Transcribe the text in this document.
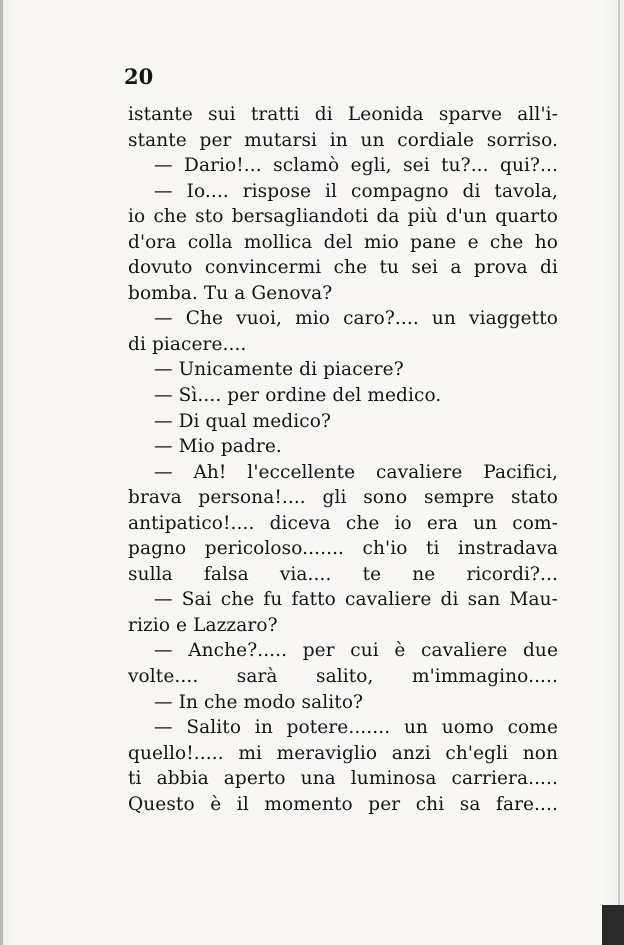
20
istante sui tratti di Leonida sparve all'i-
stante per mutarsi in un cordiale sorriso.
— Dario!... sclamò egli, sei tu?... qui?...
— Io.... rispose il compagno di tavola,
io che sto bersagliandoti da più d'un quarto
d'ora colla mollica del mio pane e che ho
dovuto convincermi che tu sei a prova di
bomba. Tu a Genova?
— Che vuoi, mio caro?.... un viaggetto
di piacere....
— Unicamente di piacere?
— Sì.... per ordine del medico.
— Di qual medico?
— Mio padre.
— Ah! l'eccellente cavaliere Pacifici,
brava persona!.... gli sono sempre stato
antipatico!.... diceva che io era un com-
pagno pericoloso....... ch'io ti instradava
sulla falsa via.... te ne ricordi?...
— Sai che fu fatto cavaliere di san Mau-
rizio e Lazzaro?
— Anche?..... per cui è cavaliere due
volte.... sarà salito, m'immagino.....
— In che modo salito?
— Salito in potere....... un uomo come
quello!..... mi meraviglio anzi ch'egli non
ti abbia aperto una luminosa carriera.....
Questo è il momento per chi sa fare....
